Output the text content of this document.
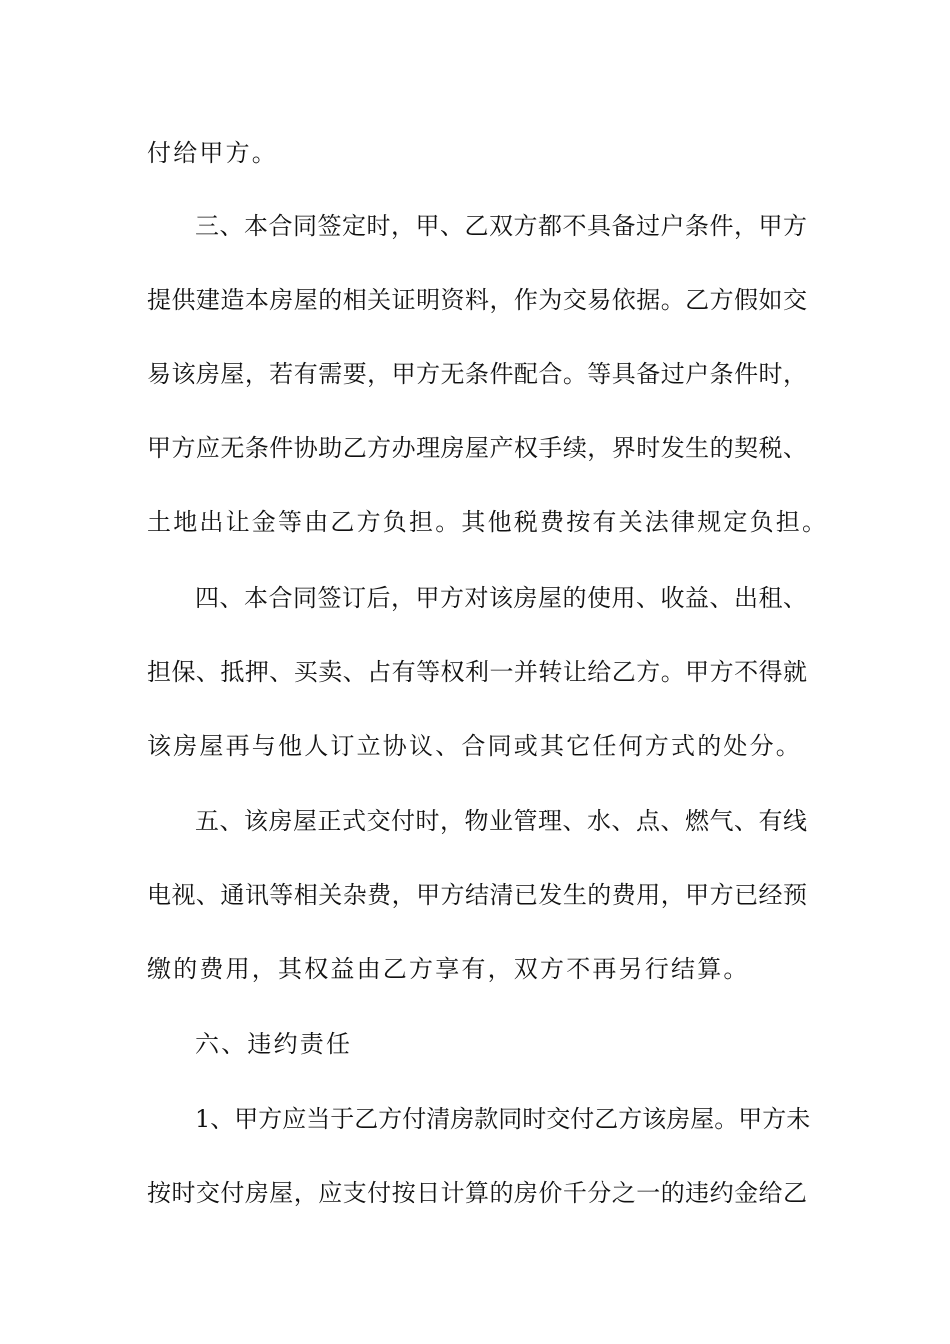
付给甲方。
三、本合同签定时，甲、乙双方都不具备过户条件，甲方
提供建造本房屋的相关证明资料，作为交易依据。乙方假如交
易该房屋，若有需要，甲方无条件配合。等具备过户条件时，
甲方应无条件协助乙方办理房屋产权手续，界时发生的契税、
土地出让金等由乙方负担。其他税费按有关法律规定负担。
四、本合同签订后，甲方对该房屋的使用、收益、出租、
担保、抵押、买卖、占有等权利一并转让给乙方。甲方不得就
该房屋再与他人订立协议、合同或其它任何方式的处分。
五、该房屋正式交付时，物业管理、水、点、燃气、有线
电视、通讯等相关杂费，甲方结清已发生的费用，甲方已经预
缴的费用，其权益由乙方享有，双方不再另行结算。
六、违约责任
1、甲方应当于乙方付清房款同时交付乙方该房屋。甲方未
按时交付房屋，应支付按日计算的房价千分之一的违约金给乙
